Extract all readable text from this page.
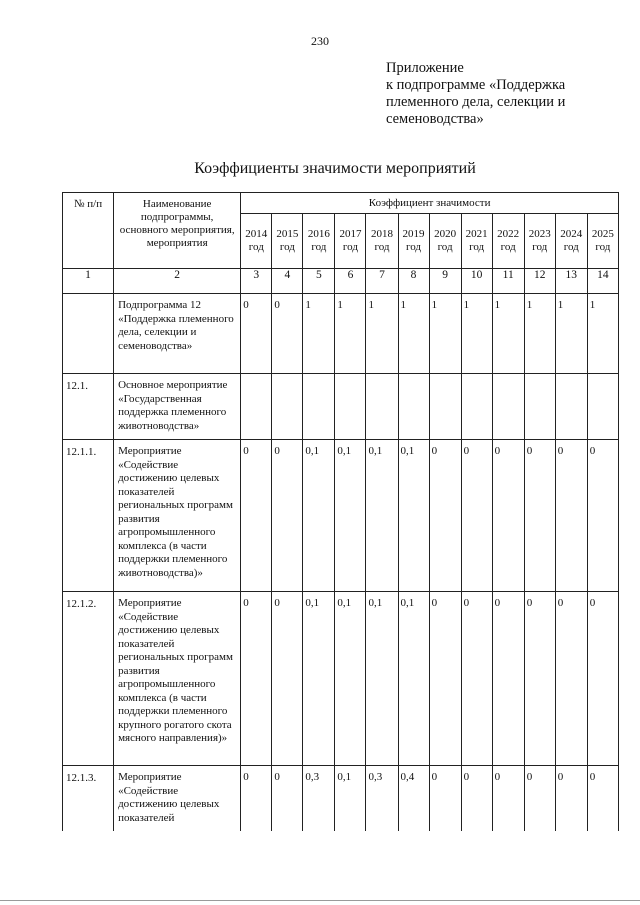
230
Приложение
к подпрограмме «Поддержка
племенного дела, селекции и
семеноводства»
Коэффициенты значимости мероприятий
№ п/п	Наименование подпрограммы, основного мероприятия, мероприятия	Коэффициент значимости											
		2014 год	2015 год	2016 год	2017 год	2018 год	2019 год	2020 год	2021 год	2022 год	2023 год	2024 год	2025 год
1	2	3	4	5	6	7	8	9	10	11	12	13	14
	Подпрограмма 12 «Поддержка племенного дела, селекции и семеноводства»	0	0	1	1	1	1	1	1	1	1	1	1
12.1.	Основное мероприятие «Государственная поддержка племенного животноводства»												
12.1.1.	Мероприятие «Содействие достижению целевых показателей региональных программ развития агропромышленного комплекса (в части поддержки племенного животноводства)»	0	0	0,1	0,1	0,1	0,1	0	0	0	0	0	0
12.1.2.	Мероприятие «Содействие достижению целевых показателей региональных программ развития агропромышленного комплекса (в части поддержки племенного крупного рогатого скота мясного направления)»	0	0	0,1	0,1	0,1	0,1	0	0	0	0	0	0
12.1.3.	Мероприятие «Содействие достижению целевых показателей	0	0	0,3	0,1	0,3	0,4	0	0	0	0	0	0
